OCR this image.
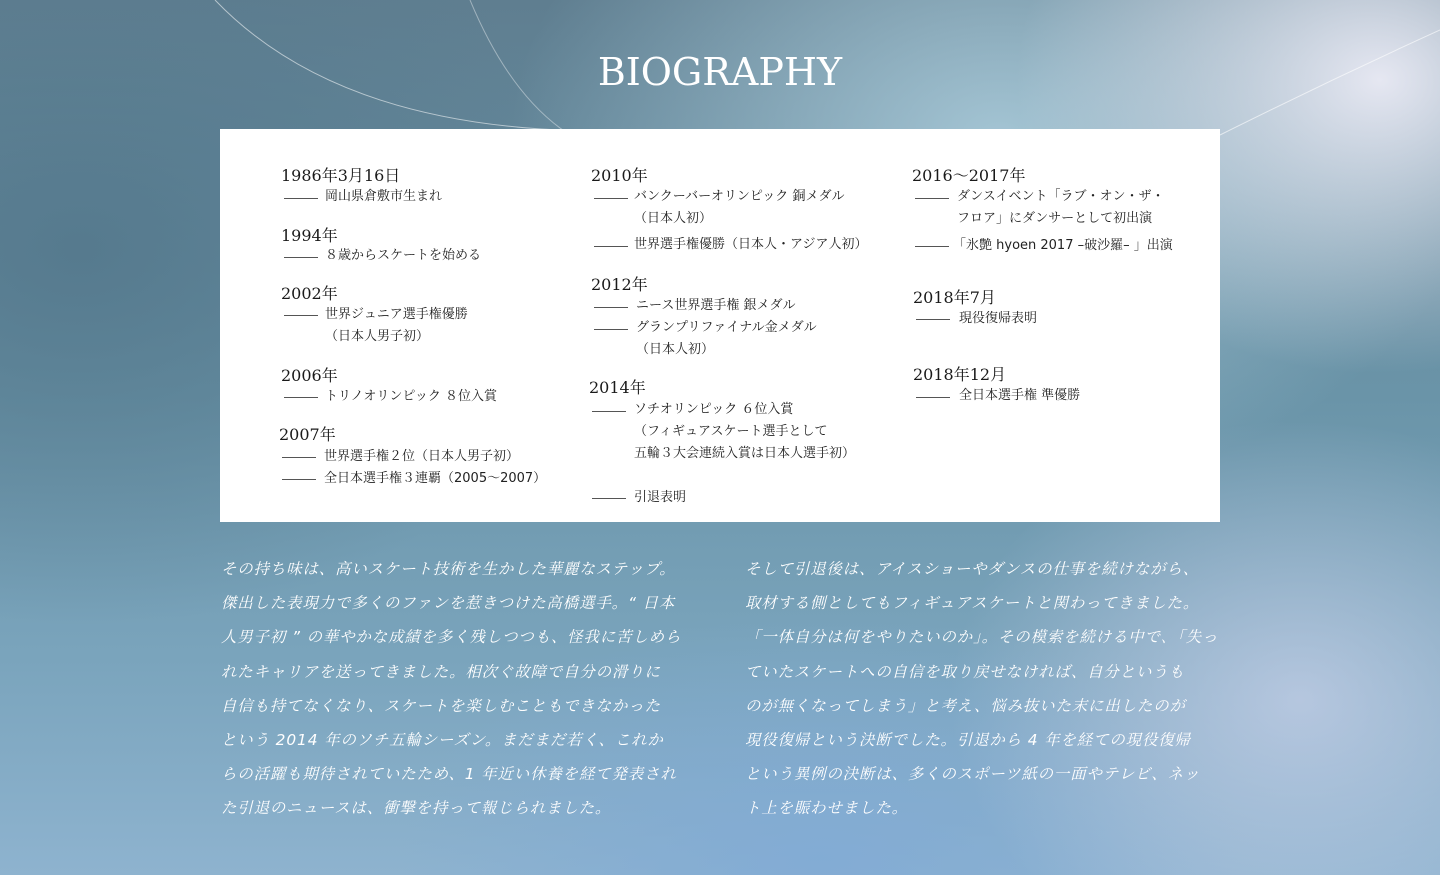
BIOGRAPHY
1986年3月16日
岡山県倉敷市生まれ
1994年
８歳からスケートを始める
2002年
世界ジュニア選手権優勝
（日本人男子初）
2006年
トリノオリンピック ８位入賞
2007年
世界選手権２位（日本人男子初）
全日本選手権３連覇（2005〜2007）
2010年
バンクーバーオリンピック 銅メダル
（日本人初）
世界選手権優勝（日本人・アジア人初）
2012年
ニース世界選手権 銀メダル
グランプリファイナル金メダル
（日本人初）
2014年
ソチオリンピック ６位入賞
（フィギュアスケート選手として
五輪３大会連続入賞は日本人選手初）
引退表明
2016〜2017年
ダンスイベント「ラブ・オン・ザ・
フロア」にダンサーとして初出演
「氷艶 hyoen 2017 –破沙羅– 」出演
2018年7月
現役復帰表明
2018年12月
全日本選手権 準優勝
その持ち味は、高いスケート技術を生かした華麗なステップ。
傑出した表現力で多くのファンを惹きつけた高橋選手。“ 日本
人男子初 ” の華やかな成績を多く残しつつも、怪我に苦しめら
れたキャリアを送ってきました。相次ぐ故障で自分の滑りに
自信も持てなくなり、スケートを楽しむこともできなかった
という 2014 年のソチ五輪シーズン。まだまだ若く、これか
らの活躍も期待されていたため、1 年近い休養を経て発表され
た引退のニュースは、衝撃を持って報じられました。
そして引退後は、アイスショーやダンスの仕事を続けながら、
取材する側としてもフィギュアスケートと関わってきました。
「一体自分は何をやりたいのか」。その模索を続ける中で､「失っ
ていたスケートへの自信を取り戻せなければ、自分というも
のが無くなってしまう」と考え、悩み抜いた末に出したのが
現役復帰という決断でした。引退から 4 年を経ての現役復帰
という異例の決断は、多くのスポーツ紙の一面やテレビ、ネッ
ト上を賑わせました。
